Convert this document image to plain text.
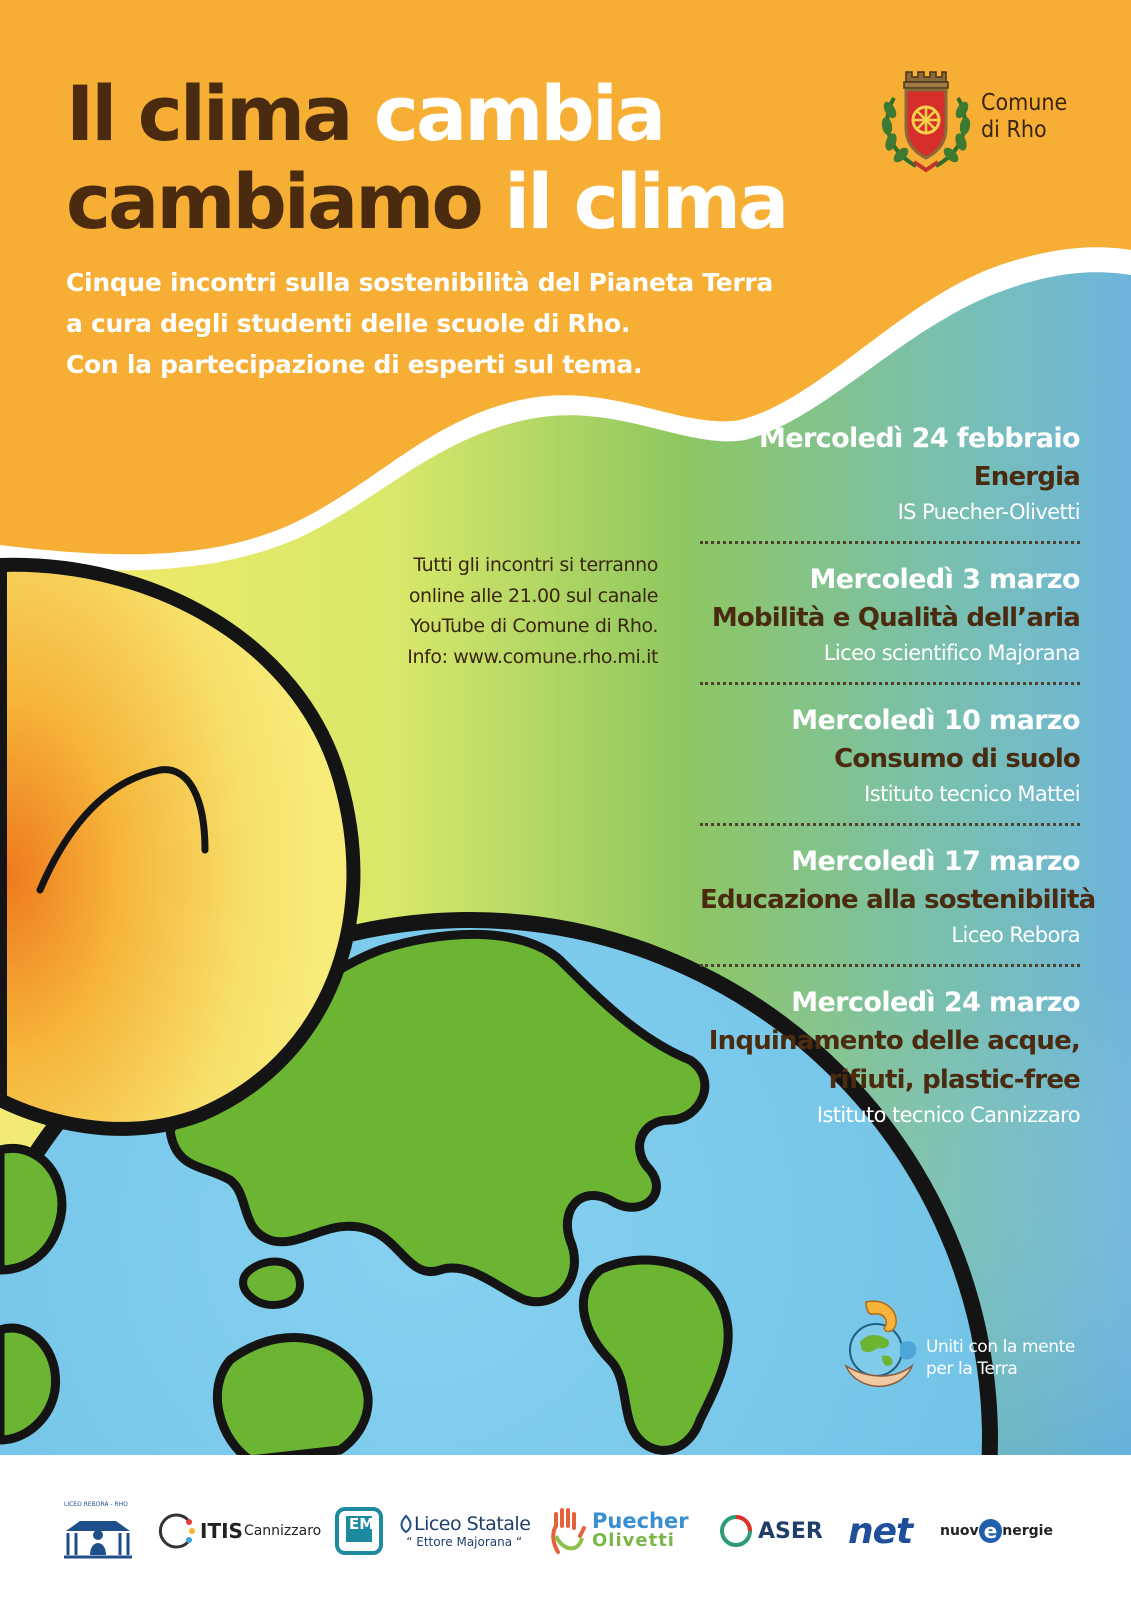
Il clima cambia
cambiamo il clima
Cinque incontri sulla sostenibilità del Pianeta Terra
a cura degli studenti delle scuole di Rho.
Con la partecipazione di esperti sul tema.
Comune
di Rho
Tutti gli incontri si terranno
online alle 21.00 sul canale
YouTube di Comune di Rho.
Info: www.comune.rho.mi.it
Mercoledì 24 febbraio
Energia
IS Puecher-Olivetti
Mercoledì 3 marzo
Mobilità e Qualità dell’aria
Liceo scientifico Majorana
Mercoledì 10 marzo
Consumo di suolo
Istituto tecnico Mattei
Mercoledì 17 marzo
Educazione alla sostenibilità
Liceo Rebora
Mercoledì 24 marzo
Inquinamento delle acque,
rifiuti, plastic-free
Istituto tecnico Cannizzaro
Uniti con la mente
per la Terra
LICEO REBORA - RHO
ITIS Cannizzaro EM Liceo Statale
“ Ettore Majorana “
Puecher
Olivetti	ASER net nuov e nergie
